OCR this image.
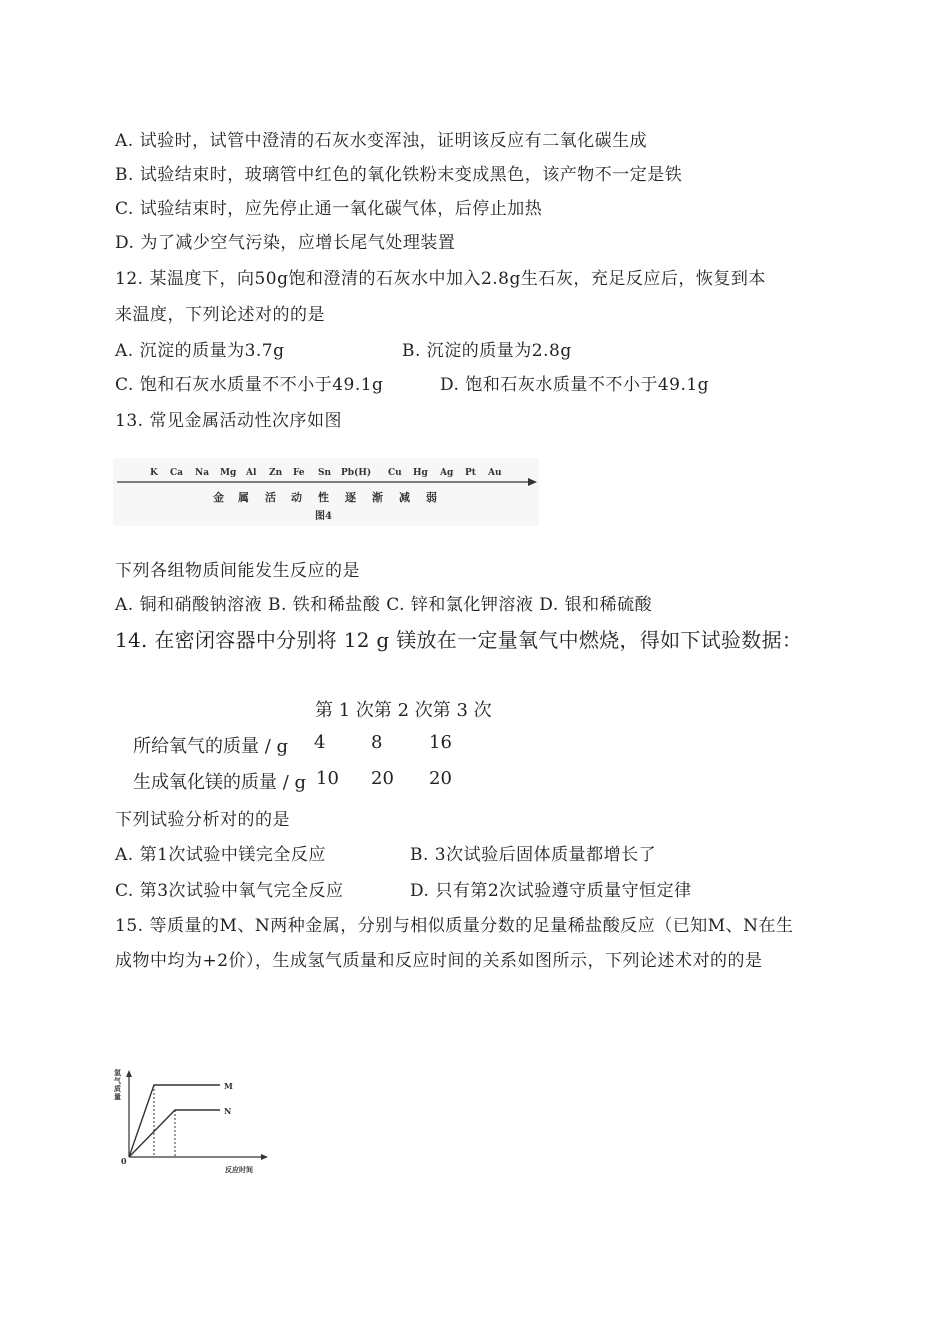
A. 试验时，试管中澄清的石灰水变浑浊，证明该反应有二氧化碳生成
B. 试验结束时，玻璃管中红色的氧化铁粉末变成黑色，该产物不一定是铁
C. 试验结束时，应先停止通一氧化碳气体，后停止加热
D. 为了减少空气污染，应增长尾气处理装置
12. 某温度下，向50g饱和澄清的石灰水中加入2.8g生石灰，充足反应后，恢复到本
来温度，下列论述对的的是
A. 沉淀的质量为3.7g	B. 沉淀的质量为2.8g
C. 饱和石灰水质量不不小于49.1g	D. 饱和石灰水质量不不小于49.1g
13. 常见金属活动性次序如图
K Ca Na Mg Al Zn Fe Sn Pb(H) Cu Hg Ag Pt Au
金 属 活 动 性 逐 渐 减 弱
图4
下列各组物质间能发生反应的是
A. 铜和硝酸钠溶液 B. 铁和稀盐酸 C. 锌和氯化钾溶液 D. 银和稀硫酸
14. 在密闭容器中分别将 12 g 镁放在一定量氧气中燃烧，得如下试验数据：
第 1 次第 2 次第 3 次
所给氧气的质量 / g 4	8	16
生成氧化镁的质量 / g 10 20 20
下列试验分析对的的是
A. 第1次试验中镁完全反应	B. 3次试验后固体质量都增长了
C. 第3次试验中氧气完全反应	D. 只有第2次试验遵守质量守恒定律
15. 等质量的M、N两种金属，分别与相似质量分数的足量稀盐酸反应（已知M、N在生
成物中均为+2价），生成氢气质量和反应时间的关系如图所示，下列论述术对的的是
氢
气
质
量
0
反应时间
M
N
